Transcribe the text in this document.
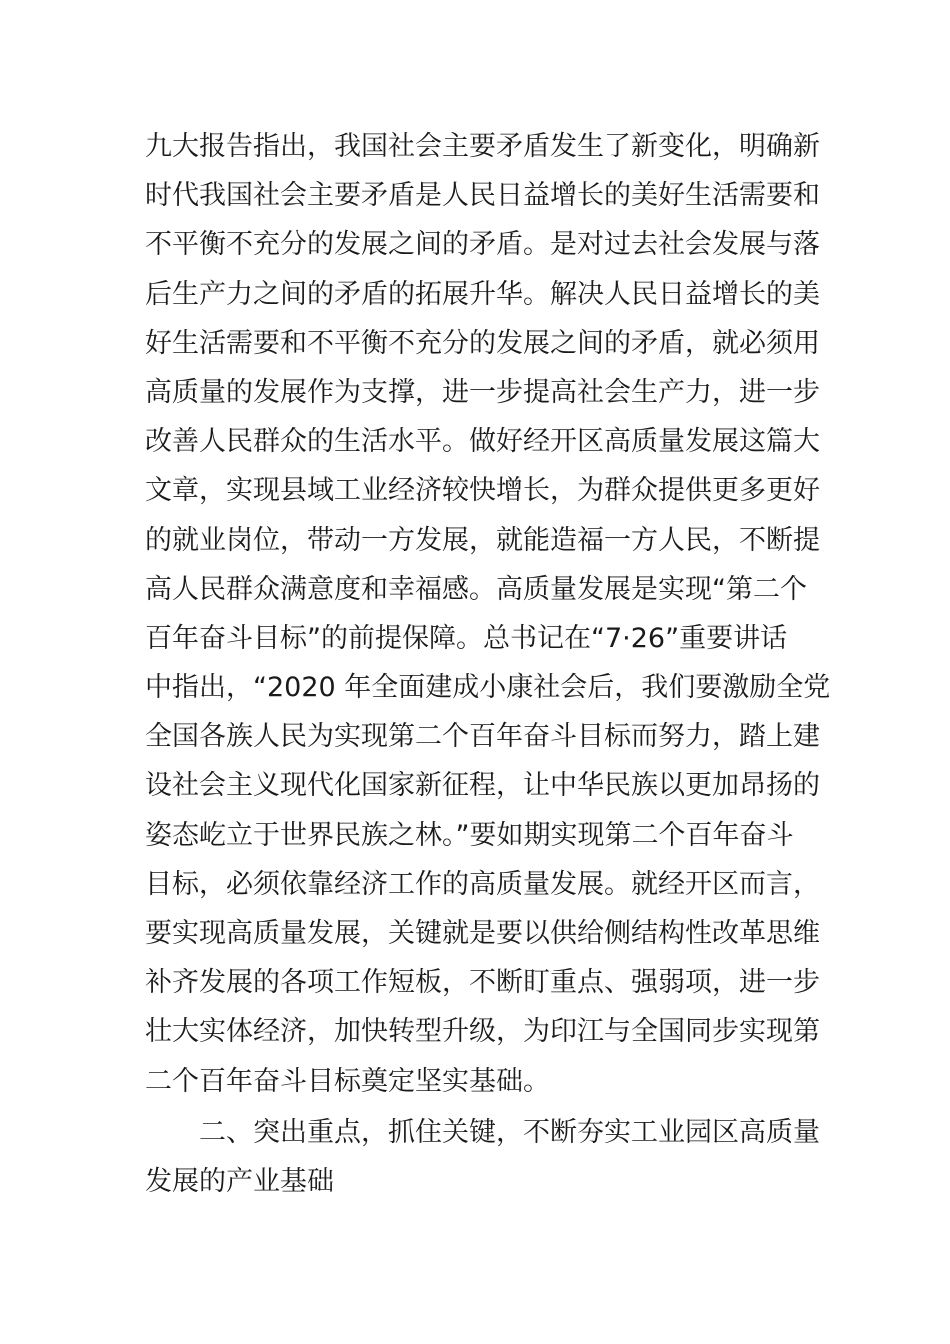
九大报告指出，我国社会主要矛盾发生了新变化，明确新
时代我国社会主要矛盾是人民日益增长的美好生活需要和
不平衡不充分的发展之间的矛盾。是对过去社会发展与落
后生产力之间的矛盾的拓展升华。解决人民日益增长的美
好生活需要和不平衡不充分的发展之间的矛盾，就必须用
高质量的发展作为支撑，进一步提高社会生产力，进一步
改善人民群众的生活水平。做好经开区高质量发展这篇大
文章，实现县域工业经济较快增长，为群众提供更多更好
的就业岗位，带动一方发展，就能造福一方人民，不断提
高人民群众满意度和幸福感。高质量发展是实现“第二个
百年奋斗目标”的前提保障。总书记在“7·26”重要讲话
中指出，“2020 年全面建成小康社会后，我们要激励全党
全国各族人民为实现第二个百年奋斗目标而努力，踏上建
设社会主义现代化国家新征程，让中华民族以更加昂扬的
姿态屹立于世界民族之林。”要如期实现第二个百年奋斗
目标，必须依靠经济工作的高质量发展。就经开区而言，
要实现高质量发展，关键就是要以供给侧结构性改革思维
补齐发展的各项工作短板，不断盯重点、强弱项，进一步
壮大实体经济，加快转型升级，为印江与全国同步实现第
二个百年奋斗目标奠定坚实基础。
二、突出重点，抓住关键，不断夯实工业园区高质量
发展的产业基础
